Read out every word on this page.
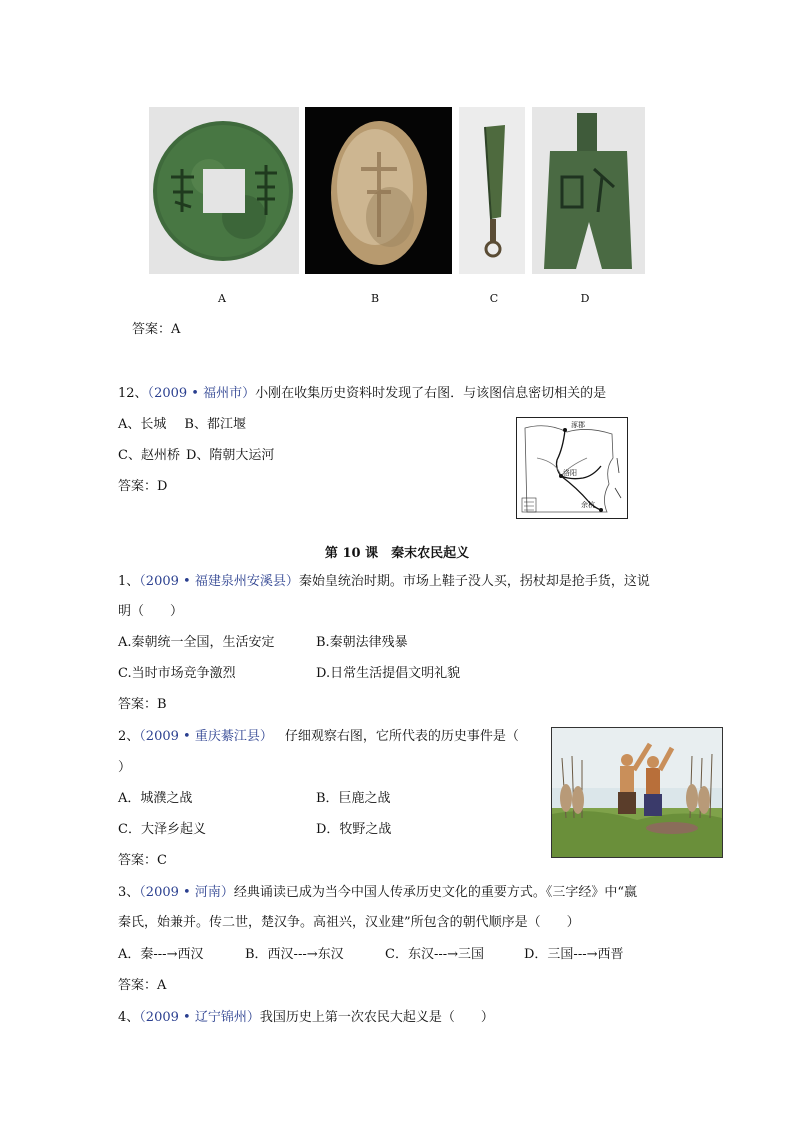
A	B	C	D
答案：A
12、（2009 • 福州市）小刚在收集历史资料时发现了右图．与该图信息密切相关的是
A、长城 B、都江堰
C、赵州桥 D、隋朝大运河
答案：D
涿郡
洛阳
余杭
第 10 课　秦末农民起义
1、（2009 • 福建泉州安溪县）秦始皇统治时期。市场上鞋子没人买，拐杖却是抢手货，这说
明（　　）
A.秦朝统一全国，生活安定	B.秦朝法律残暴
C.当时市场竞争激烈	D.日常生活提倡文明礼貌
答案：B
2、（2009 • 重庆綦江县） 仔细观察右图，它所代表的历史事件是（
）
A．城濮之战	B．巨鹿之战
C．大泽乡起义	D．牧野之战
答案：C
3、（2009 • 河南）经典诵读已成为当今中国人传承历史文化的重要方式。《三字经》中“嬴
秦氏，始兼并。传二世，楚汉争。高祖兴，汉业建”所包含的朝代顺序是（　　）
A．秦---→西汉	B．西汉---→东汉	C．东汉---→三国	D．三国---→西晋
答案：A
4、（2009 • 辽宁锦州）我国历史上第一次农民大起义是（　　）
